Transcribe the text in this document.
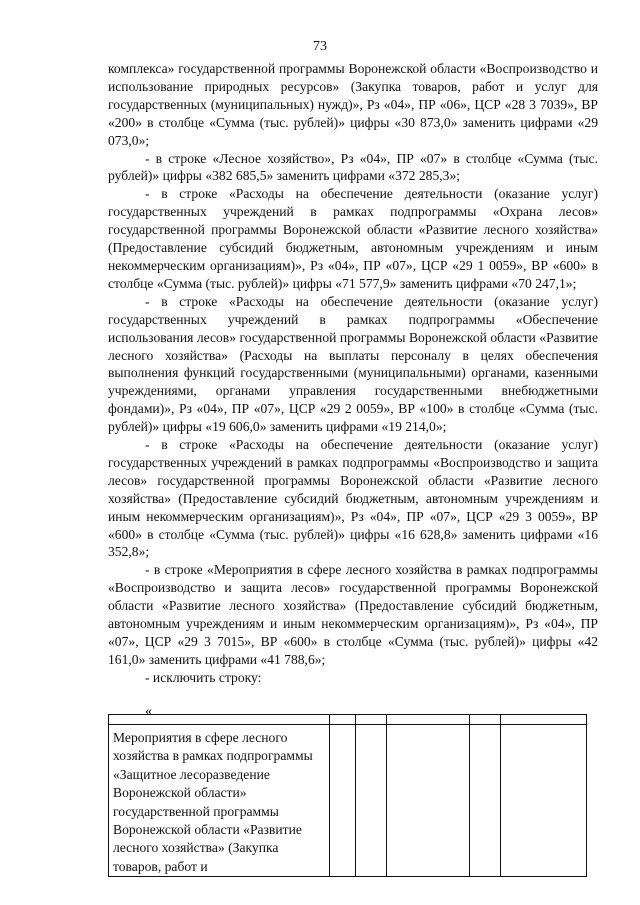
73

комплекса» государственной программы Воронежской области «Воспроизводство и использование природных ресурсов» (Закупка товаров, работ и услуг для государственных (муниципальных) нужд)», Рз «04», ПР «06», ЦСР «28 3 7039», ВР «200» в столбце «Сумма (тыс. рублей)» цифры «30 873,0» заменить цифрами «29 073,0»;

- в строке «Лесное хозяйство», Рз «04», ПР «07» в столбце «Сумма (тыс. рублей)» цифры «382 685,5» заменить цифрами «372 285,3»;

- в строке «Расходы на обеспечение деятельности (оказание услуг) государственных учреждений в рамках подпрограммы «Охрана лесов» государственной программы Воронежской области «Развитие лесного хозяйства» (Предоставление субсидий бюджетным, автономным учреждениям и иным некоммерческим организациям)», Рз «04», ПР «07», ЦСР «29 1 0059», ВР «600» в столбце «Сумма (тыс. рублей)» цифры «71 577,9» заменить цифрами «70 247,1»;

- в строке «Расходы на обеспечение деятельности (оказание услуг) государственных учреждений в рамках подпрограммы «Обеспечение использования лесов» государственной программы Воронежской области «Развитие лесного хозяйства» (Расходы на выплаты персоналу в целях обеспечения выполнения функций государственными (муниципальными) органами, казенными учреждениями, органами управления государственными внебюджетными фондами)», Рз «04», ПР «07», ЦСР «29 2 0059», ВР «100» в столбце «Сумма (тыс. рублей)» цифры «19 606,0» заменить цифрами «19 214,0»;

- в строке «Расходы на обеспечение деятельности (оказание услуг) государственных учреждений в рамках подпрограммы «Воспроизводство и защита лесов» государственной программы Воронежской области «Развитие лесного хозяйства» (Предоставление субсидий бюджетным, автономным учреждениям и иным некоммерческим организациям)», Рз «04», ПР «07», ЦСР «29 3 0059», ВР «600» в столбце «Сумма (тыс. рублей)» цифры «16 628,8» заменить цифрами «16 352,8»;

- в строке «Мероприятия в сфере лесного хозяйства в рамках подпрограммы «Воспроизводство и защита лесов» государственной программы Воронежской области «Развитие лесного хозяйства» (Предоставление субсидий бюджетным, автономным учреждениям и иным некоммерческим организациям)», Рз «04», ПР «07», ЦСР «29 3 7015», ВР «600» в столбце «Сумма (тыс. рублей)» цифры «42 161,0» заменить цифрами «41 788,6»;

- исключить строку:

«

Мероприятия в сфере лесного хозяйства в рамках подпрограммы «Защитное лесоразведение Воронежской области» государственной программы Воронежской области «Развитие лесного хозяйства» (Закупка товаров, работ и					
